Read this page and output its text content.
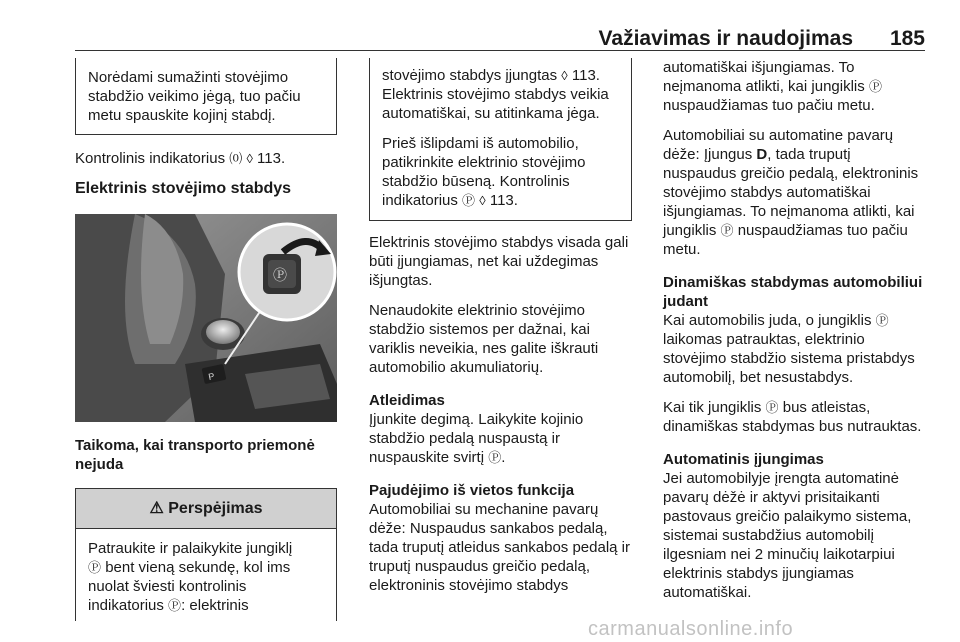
Važiavimas ir naudojimas 185
Norėdami sumažinti stovėjimo stabdžio veikimo jėgą, tuo pačiu metu spauskite kojinį stabdį.

Kontrolinis indikatorius ⒪ ◊ 113.

Elektrinis stovėjimo stabdys
P
Ⓟ
Taikoma, kai transporto priemonė nejuda
⚠ Perspėjimas
Patraukite ir palaikykite jungiklį
Ⓟ bent vieną sekundę, kol ims nuolat šviesti kontrolinis indikatorius Ⓟ: elektrinis

stovėjimo stabdys įjungtas ◊ 113. Elektrinis stovėjimo stabdys veikia automatiškai, su atitinkama jėga.

Prieš išlipdami iš automobilio, patikrinkite elektrinio stovėjimo stabdžio būseną. Kontrolinis indikatorius Ⓟ ◊ 113.

Elektrinis stovėjimo stabdys visada gali būti įjungiamas, net kai uždegimas išjungtas.

Nenaudokite elektrinio stovėjimo stabdžio sistemos per dažnai, kai variklis neveikia, nes galite iškrauti automobilio akumuliatorių.

Atleidimas

Įjunkite degimą. Laikykite kojinio stabdžio pedalą nuspaustą ir nuspauskite svirtį Ⓟ.

Pajudėjimo iš vietos funkcija

Automobiliai su mechanine pavarų dėže: Nuspaudus sankabos pedalą, tada truputį atleidus sankabos pedalą ir truputį nuspaudus greičio pedalą, elektroninis stovėjimo stabdys

automatiškai išjungiamas. To neįmanoma atlikti, kai jungiklis Ⓟ nuspaudžiamas tuo pačiu metu.

Automobiliai su automatine pavarų dėže: Įjungus D, tada truputį nuspaudus greičio pedalą, elektroninis stovėjimo stabdys automatiškai išjungiamas. To neįmanoma atlikti, kai jungiklis Ⓟ nuspaudžiamas tuo pačiu metu.

Dinamiškas stabdymas automobiliui judant

Kai automobilis juda, o jungiklis Ⓟ laikomas patrauktas, elektrinio stovėjimo stabdžio sistema pristabdys automobilį, bet nesustabdys.

Kai tik jungiklis Ⓟ bus atleistas, dinamiškas stabdymas bus nutrauktas.

Automatinis įjungimas

Jei automobilyje įrengta automatinė pavarų dėžė ir aktyvi prisitaikanti pastovaus greičio palaikymo sistema, sistemai sustabdžius automobilį ilgesniam nei 2 minučių laikotarpiui elektrinis stabdys įjungiamas automatiškai.

carmanualsonline.info
